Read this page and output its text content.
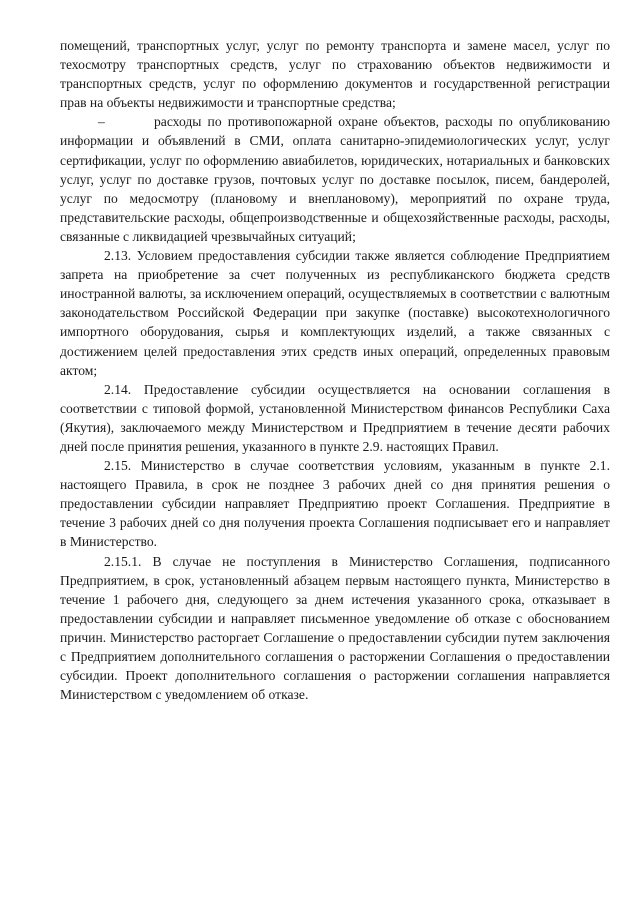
помещений, транспортных услуг, услуг по ремонту транспорта и замене масел, услуг по техосмотру транспортных средств, услуг по страхованию объектов недвижимости и транспортных средств, услуг по оформлению документов и государственной регистрации прав на объекты недвижимости и транспортные средства;

–        расходы по противопожарной охране объектов, расходы по опубликованию информации и объявлений в СМИ, оплата санитарно-эпидемиологических услуг, услуг сертификации, услуг по оформлению авиабилетов, юридических, нотариальных и банковских услуг, услуг по доставке грузов, почтовых услуг по доставке посылок, писем, бандеролей, услуг по медосмотру (плановому и внеплановому), мероприятий по охране труда, представительские расходы, общепроизводственные и общехозяйственные расходы, расходы, связанные с ликвидацией чрезвычайных ситуаций;

2.13. Условием предоставления субсидии также является соблюдение Предприятием запрета на приобретение за счет полученных из республиканского бюджета средств иностранной валюты, за исключением операций, осуществляемых в соответствии с валютным законодательством Российской Федерации при закупке (поставке) высокотехнологичного импортного оборудования, сырья и комплектующих изделий, а также связанных с достижением целей предоставления этих средств иных операций, определенных правовым актом;

2.14. Предоставление субсидии осуществляется на основании соглашения в соответствии с типовой формой, установленной Министерством финансов Республики Саха (Якутия), заключаемого между Министерством и Предприятием в течение десяти рабочих дней после принятия решения, указанного в пункте 2.9. настоящих Правил.

2.15. Министерство в случае соответствия условиям, указанным в пункте 2.1. настоящего Правила, в срок не позднее 3 рабочих дней со дня принятия решения о предоставлении субсидии направляет Предприятию проект Соглашения. Предприятие в течение 3 рабочих дней со дня получения проекта Соглашения подписывает его и направляет в Министерство.

2.15.1. В случае не поступления в Министерство Соглашения, подписанного Предприятием, в срок, установленный абзацем первым настоящего пункта, Министерство в течение 1 рабочего дня, следующего за днем истечения указанного срока, отказывает в предоставлении субсидии и направляет письменное уведомление об отказе с обоснованием причин. Министерство расторгает Соглашение о предоставлении субсидии путем заключения с Предприятием дополнительного соглашения о расторжении Соглашения о предоставлении субсидии. Проект дополнительного соглашения о расторжении соглашения направляется Министерством с уведомлением об отказе.
